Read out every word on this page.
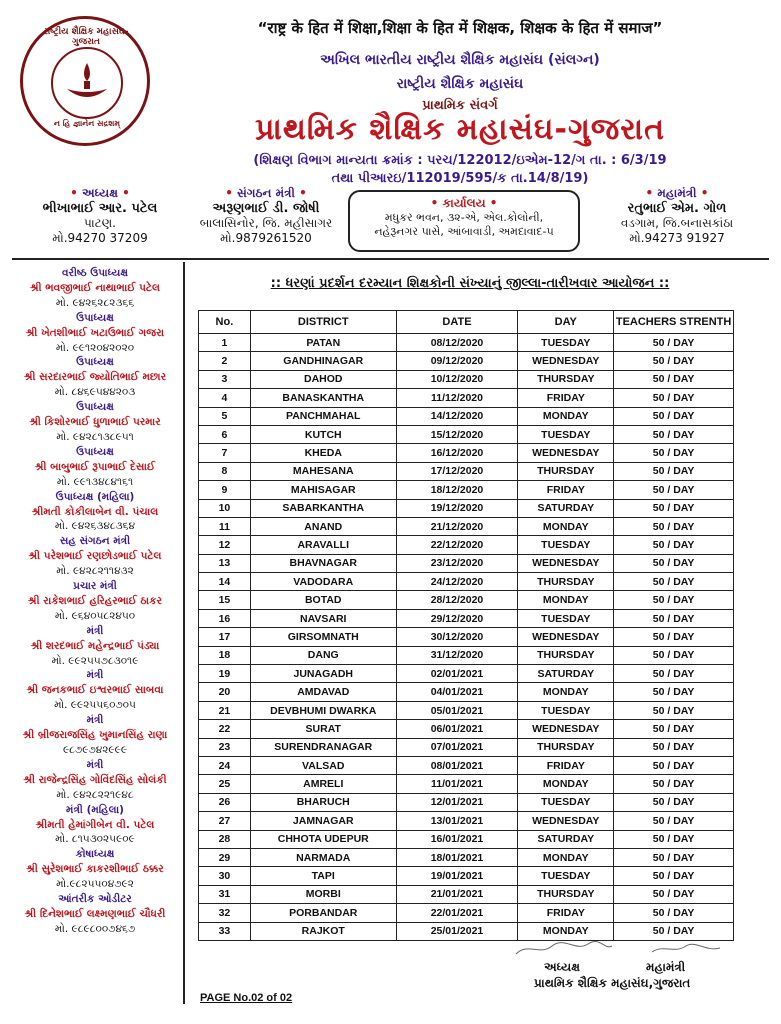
રાષ્ટ્રીય શૈક્ષિક મહાસંઘ-ગુજરાત
ન હિ જ્ઞાનેન સદ્રશમ્
“राष्ट्र के हित में शिक्षा,शिक्षा के हित में शिक्षक, शिक्षक के हित में समाज”
અખિલ ભારતીય રાષ્ટ્રીય શૈક્ષિક મહાસંઘ (સંલગ્ન)
રાષ્ટ્રીય શૈક્ષિક મહાસંઘ
પ્રાથમિક સંવર્ગ
પ્રાથમિક શૈક્ષિક મહાસંઘ-ગુજરાત
(શિક્ષણ વિભાગ માન્યતા ક્રમાંક : પરચ/122012/ઇએમ-12/ગ તા. : 6/3/19
તથા પીઆરઇ/112019/595/ક તા.14/8/19)
• અધ્યક્ષ •
ભીખાભાઈ આર. પટેલ
પાટણ.
મો.94270 37209
• સંગઠન મંત્રી •
અરૂણભાઈ ડી. જોષી
બાલાસિનોર, જિ. મહીસાગર
મો.9879261520
• કાર્યાલય •
મધુકર ભવન, ૩૨-એ, એલ.કોલોની,
નહેરૂનગર પાસે, આંબાવાડી, અમદાવાદ-૫
• મહામંત્રી •
રતુભાઈ એમ. ગોળ
વડગામ, જિ.બનાસકાંઠા
મો.94273 91927
વરીષ્ઠ ઉપાધ્યક્ષ
શ્રી ભવજીભાઈ નાથાભાઈ પટેલ
મો. ૯૪૨૬૨૮૨૩૬૬
ઉપાધ્યક્ષ
શ્રી ખેતશીભાઈ ખટાઉભાઈ ગજરા
મો. ૯૯૧૨૦૪૨૦૨૦
ઉપાધ્યક્ષ
શ્રી સરદારભાઈ જ્યોતિભાઈ મછાર
મો. ૮૪૬૯૫૪૪૨૦૩
ઉપાધ્યક્ષ
શ્રી કિશોરભાઈ ધુળાભાઈ પરમાર
મો. ૯૪૨૮૧૩૮૯૫૧
ઉપાધ્યક્ષ
શ્રી બાબુભાઈ રૂપાભાઈ દેસાઈ
મો. ૯૯૧૩૪૮૪૧૬૧
ઉપાધ્યક્ષ (મહિલા)
શ્રીમતી કોકીલાબેન વી. પંચાલ
મો. ૯૪૨૬૩૪૮૩૬૪
સહ સંગઠન મંત્રી
શ્રી પરેશભાઈ રણછોડભાઈ પટેલ
મો. ૯૪૨૮૨૧૧૪૩૨
પ્રચાર મંત્રી
શ્રી રાકેશભાઈ હરિહરભાઈ ઠાકર
મો. ૯૬૪૦૫૮૨૪૫૦
મંત્રી
શ્રી શરદભાઈ મહેન્દ્રભાઈ પંડ્યા
મો. ૯૯૨૫૫૭૮૩૦૧૯
મંત્રી
શ્રી જનકભાઈ ઇશ્વરભાઈ સાબવા
મો. ૯૯૨૫૫૬૦૭૦૫
મંત્રી
શ્રી બ્રીજરાજસિંહ ખુમાનસિંહ રાણા
૯૮૭૯૭૪૨૯૯૯
મંત્રી
શ્રી રાજેન્દ્રસિંહ ગોવિંદસિંહ સોલંકી
મો. ૯૪૨૮૨૨૧૯૪૮
મંત્રી (મહિલા)
શ્રીમતી હેમાંગીબેન વી. પટેલ
મો. ૮૧૫૩૦૨૫૯૦૯
કોષાધ્યક્ષ
શ્રી સુરેશભાઈ કાકરશીભાઈ ઠક્કર
મો.૯૮૨૫૫૦૪૭૯૨
આંતરીક ઓડીટર
શ્રી દિનેશભાઈ લક્ષ્મણભાઈ ચૌધરી
મો. ૯૮૯૮૦૦૭૪૬૭
:: ધરણાં પ્રદર્શન દરમ્યાન શિક્ષકોની સંખ્યાનું જીલ્લા-તારીખવાર આયોજન ::
No.	DISTRICT	DATE	DAY	TEACHERS STRENTH
1	PATAN	08/12/2020	TUESDAY	50 / DAY
2	GANDHINAGAR	09/12/2020	WEDNESDAY	50 / DAY
3	DAHOD	10/12/2020	THURSDAY	50 / DAY
4	BANASKANTHA	11/12/2020	FRIDAY	50 / DAY
5	PANCHMAHAL	14/12/2020	MONDAY	50 / DAY
6	KUTCH	15/12/2020	TUESDAY	50 / DAY
7	KHEDA	16/12/2020	WEDNESDAY	50 / DAY
8	MAHESANA	17/12/2020	THURSDAY	50 / DAY
9	MAHISAGAR	18/12/2020	FRIDAY	50 / DAY
10	SABARKANTHA	19/12/2020	SATURDAY	50 / DAY
11	ANAND	21/12/2020	MONDAY	50 / DAY
12	ARAVALLI	22/12/2020	TUESDAY	50 / DAY
13	BHAVNAGAR	23/12/2020	WEDNESDAY	50 / DAY
14	VADODARA	24/12/2020	THURSDAY	50 / DAY
15	BOTAD	28/12/2020	MONDAY	50 / DAY
16	NAVSARI	29/12/2020	TUESDAY	50 / DAY
17	GIRSOMNATH	30/12/2020	WEDNESDAY	50 / DAY
18	DANG	31/12/2020	THURSDAY	50 / DAY
19	JUNAGADH	02/01/2021	SATURDAY	50 / DAY
20	AMDAVAD	04/01/2021	MONDAY	50 / DAY
21	DEVBHUMI DWARKA	05/01/2021	TUESDAY	50 / DAY
22	SURAT	06/01/2021	WEDNESDAY	50 / DAY
23	SURENDRANAGAR	07/01/2021	THURSDAY	50 / DAY
24	VALSAD	08/01/2021	FRIDAY	50 / DAY
25	AMRELI	11/01/2021	MONDAY	50 / DAY
26	BHARUCH	12/01/2021	TUESDAY	50 / DAY
27	JAMNAGAR	13/01/2021	WEDNESDAY	50 / DAY
28	CHHOTA UDEPUR	16/01/2021	SATURDAY	50 / DAY
29	NARMADA	18/01/2021	MONDAY	50 / DAY
30	TAPI	19/01/2021	TUESDAY	50 / DAY
31	MORBI	21/01/2021	THURSDAY	50 / DAY
32	PORBANDAR	22/01/2021	FRIDAY	50 / DAY
33	RAJKOT	25/01/2021	MONDAY	50 / DAY
અધ્યક્ષ	મહામંત્રી
પ્રાથમિક શૈક્ષિક મહાસંઘ,ગુજરાત
PAGE No.02 of 02
